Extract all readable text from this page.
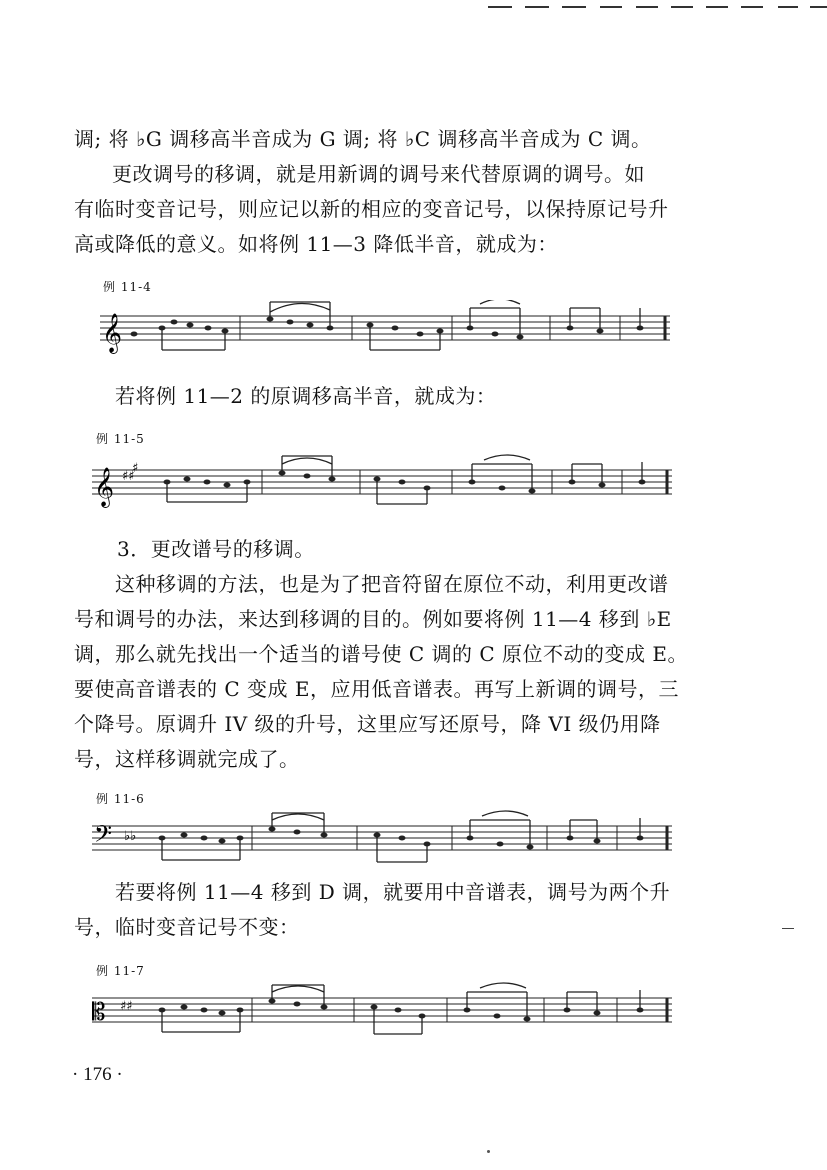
调; 将 ♭G 调移高半音成为 G 调; 将 ♭C 调移高半音成为 C 调。
更改调号的移调，就是用新调的调号来代替原调的调号。如
有临时变音记号，则应记以新的相应的变音记号，以保持原记号升
高或降低的意义。如将例 11—3 降低半音，就成为：
例 11-4
𝄞
若将例 11—2 的原调移高半音，就成为：
例 11-5
𝄞 ♯♯
♯
3．更改谱号的移调。
这种移调的方法，也是为了把音符留在原位不动，利用更改谱
号和调号的办法，来达到移调的目的。例如要将例 11—4 移到 ♭E
调，那么就先找出一个适当的谱号使 C 调的 C 原位不动的变成 E。
要使高音谱表的 C 变成 E，应用低音谱表。再写上新调的调号，三
个降号。原调升 IV 级的升号，这里应写还原号，降 VI 级仍用降
号，这样移调就完成了。
例 11-6
𝄢 ♭♭
若要将例 11—4 移到 D 调，就要用中音谱表，调号为两个升
号，临时变音记号不变：
例 11-7
𝄡 ♯♯
· 176 ·
